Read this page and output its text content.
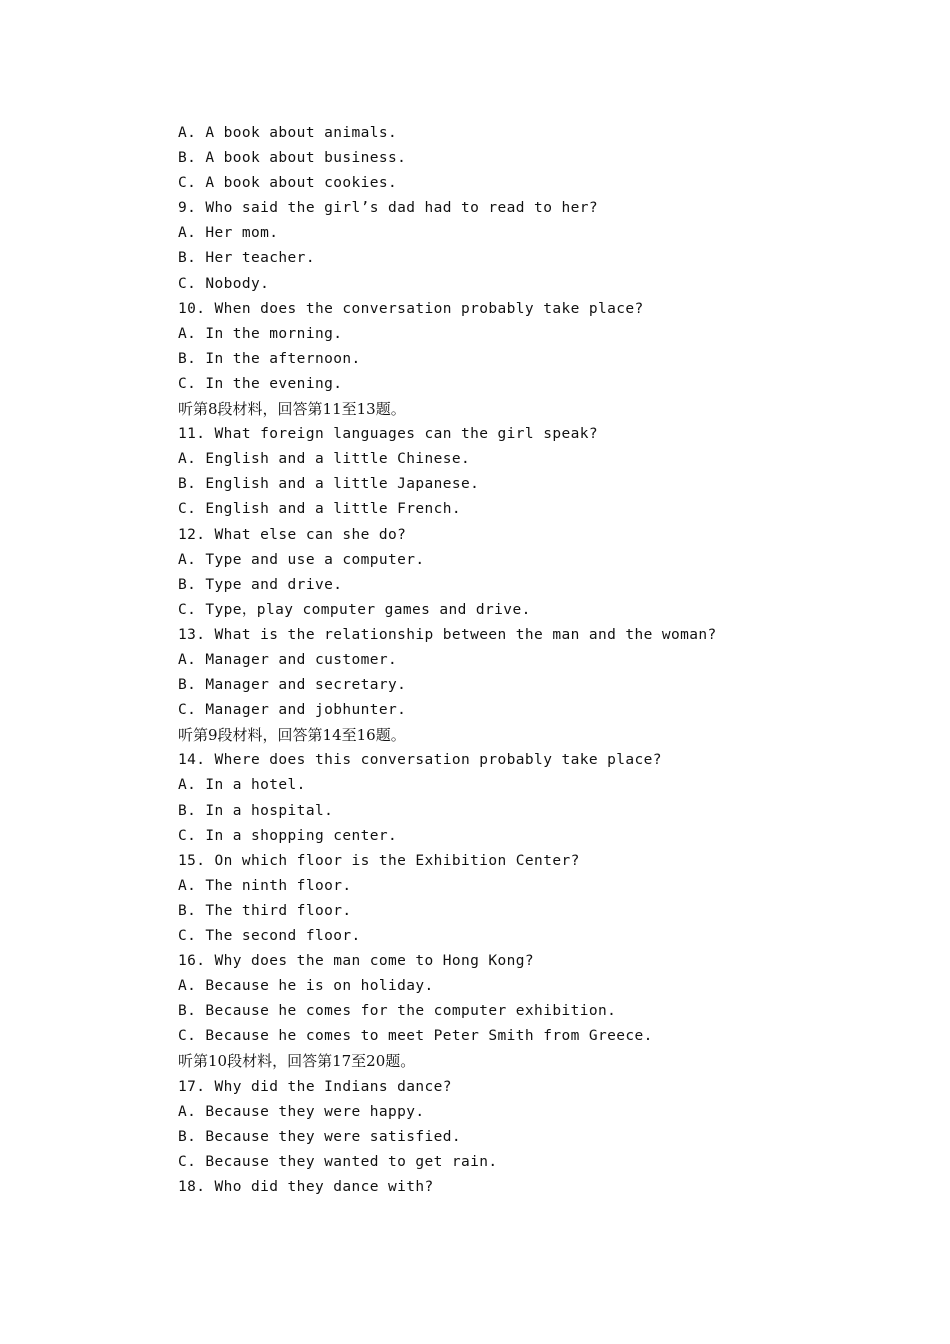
A. A book about animals.
B. A book about business.
C. A book about cookies.
9. Who said the girl’s dad had to read to her?
A. Her mom.
B. Her teacher.
C. Nobody.
10. When does the conversation probably take place?
A. In the morning.
B. In the afternoon.
C. In the evening.
听第8段材料，回答第11至13题。
11. What foreign languages can the girl speak?
A. English and a little Chinese.
B. English and a little Japanese.
C. English and a little French.
12. What else can she do?
A. Type and use a computer.
B. Type and drive.
C. Type，play computer games and drive.
13. What is the relationship between the man and the woman?
A. Manager and customer.
B. Manager and secretary.
C. Manager and jobhunter.
听第9段材料，回答第14至16题。
14. Where does this conversation probably take place?
A. In a hotel.
B. In a hospital.
C. In a shopping center.
15. On which floor is the Exhibition Center?
A. The ninth floor.
B. The third floor.
C. The second floor.
16. Why does the man come to Hong Kong?
A. Because he is on holiday.
B. Because he comes for the computer exhibition.
C. Because he comes to meet Peter Smith from Greece.
听第10段材料，回答第17至20题。
17. Why did the Indians dance?
A. Because they were happy.
B. Because they were satisfied.
C. Because they wanted to get rain.
18. Who did they dance with?
